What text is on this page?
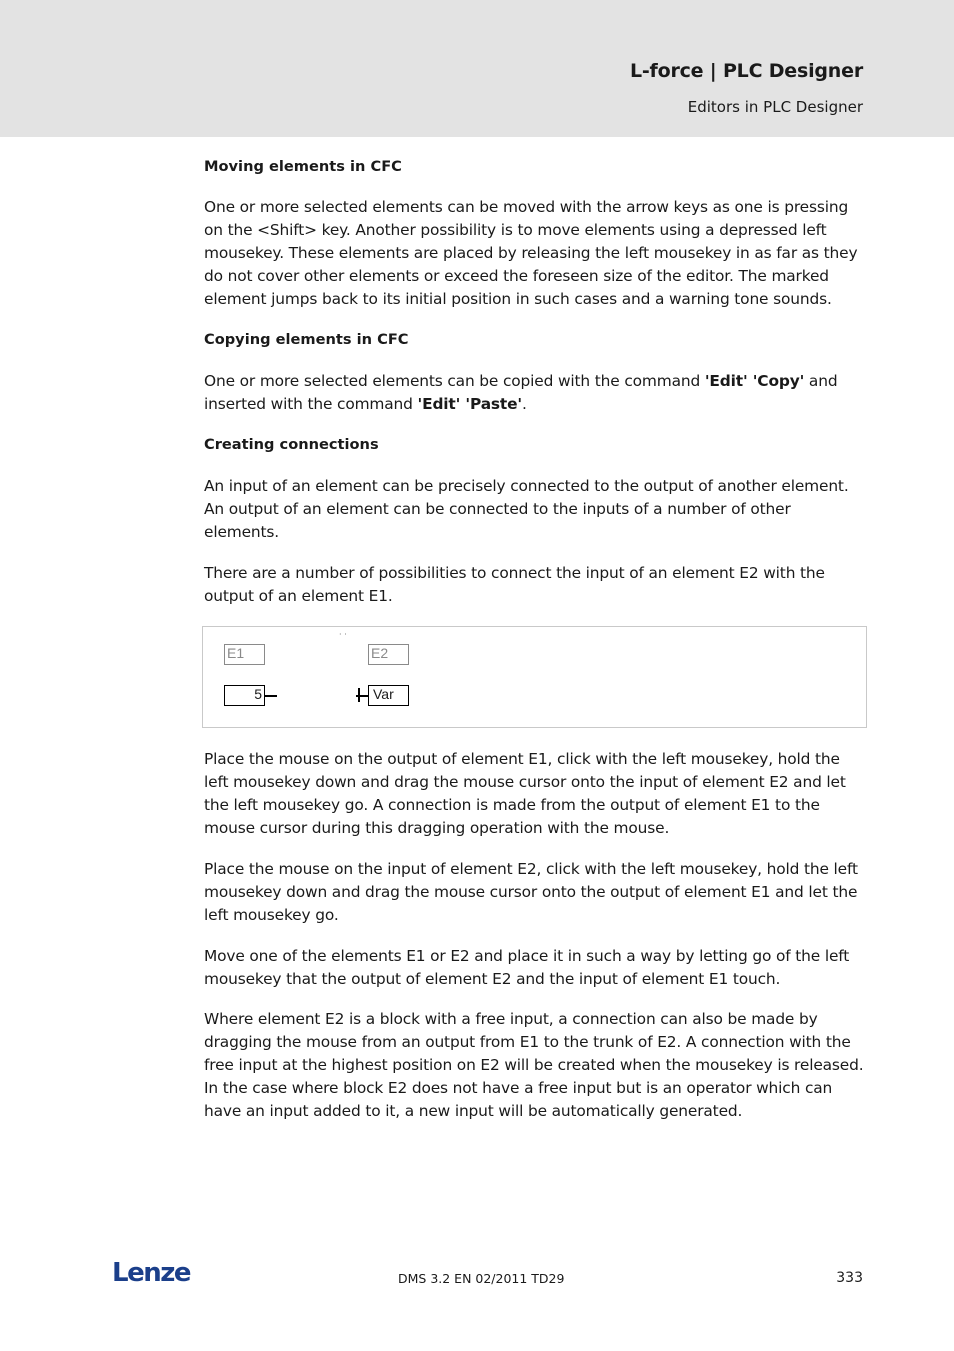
L-force | PLC Designer
Editors in PLC Designer
Moving elements in CFC
One or more selected elements can be moved with the arrow keys as one is pressing on the <Shift> key. Another possibility is to move elements using a depressed left mousekey. These elements are placed by releasing the left mousekey in as far as they do not cover other elements or exceed the foreseen size of the editor. The marked element jumps back to its initial position in such cases and a warning tone sounds.
Copying elements in CFC
One or more selected elements can be copied with the command 'Edit' 'Copy' and inserted with the command 'Edit' 'Paste'.
Creating connections
An input of an element can be precisely connected to the output of another element. An output of an element can be connected to the inputs of a number of other elements.
There are a number of possibilities to connect the input of an element E2 with the output of an element E1.
Place the mouse on the output of element E1, click with the left mousekey, hold the left mousekey down and drag the mouse cursor onto the input of element E2 and let the left mousekey go. A connection is made from the output of element E1 to the mouse cursor during this dragging operation with the mouse.
Place the mouse on the input of element E2, click with the left mousekey, hold the left mousekey down and drag the mouse cursor onto the output of element E1 and let the left mousekey go.
Move one of the elements E1 or E2 and place it in such a way by letting go of the left mousekey that the output of element E2 and the input of element E1 touch.
Where element E2 is a block with a free input, a connection can also be made by dragging the mouse from an output from E1 to the trunk of E2. A connection with the free input at the highest position on E2 will be created when the mousekey is released. In the case where block E2 does not have a free input but is an operator which can have an input added to it, a new input will be automatically generated.
· ·
E1	E2
5	Var
Lenze	DMS 3.2 EN 02/2011 TD29	333
